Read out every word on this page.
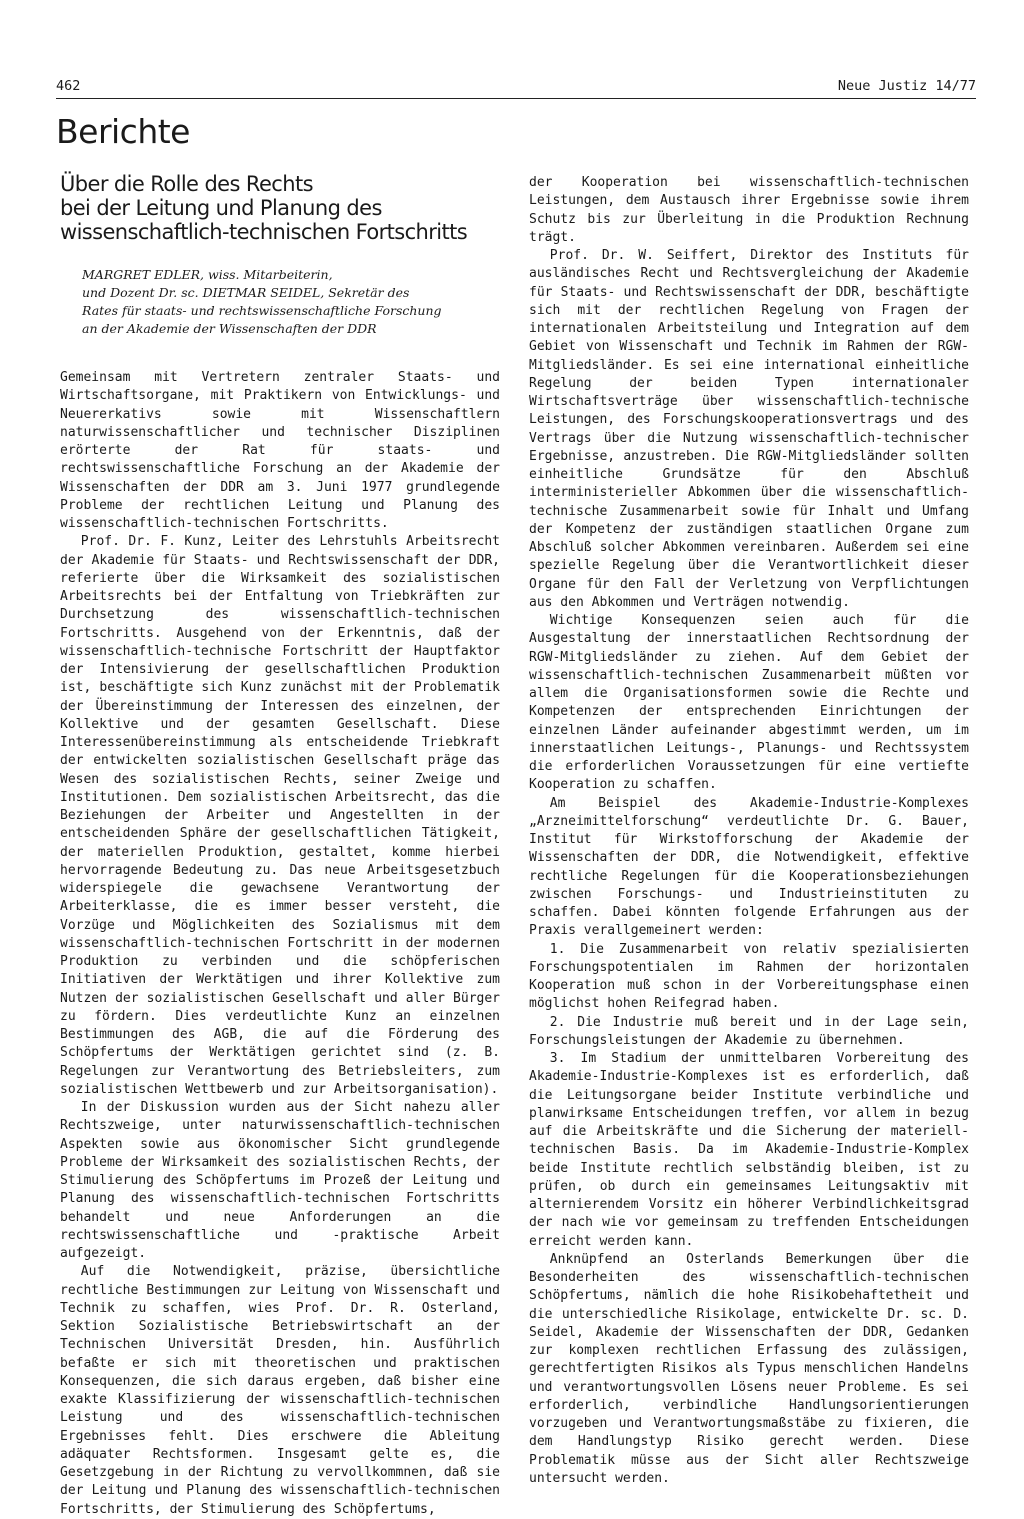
462	Neue Justiz 14/77
Berichte
Über die Rolle des Rechts
bei der Leitung und Planung des
wissenschaftlich-technischen Fortschritts
MARGRET EDLER, wiss. Mitarbeiterin,
und Dozent Dr. sc. DIETMAR SEIDEL, Sekretär des
Rates für staats- und rechtswissenschaftliche Forschung
an der Akademie der Wissenschaften der DDR

Gemeinsam mit Vertretern zentraler Staats- und Wirtschaftsorgane, mit Praktikern von Entwicklungs- und Neuererkativs sowie mit Wissenschaftlern naturwissenschaftlicher und technischer Disziplinen erörterte der Rat für staats- und rechtswissenschaftliche Forschung an der Akademie der Wissenschaften der DDR am 3. Juni 1977 grundlegende Probleme der rechtlichen Leitung und Planung des wissenschaftlich-technischen Fortschritts.

Prof. Dr. F. Kunz, Leiter des Lehrstuhls Arbeitsrecht der Akademie für Staats- und Rechtswissenschaft der DDR, referierte über die Wirksamkeit des sozialistischen Arbeitsrechts bei der Entfaltung von Triebkräften zur Durchsetzung des wissenschaftlich-technischen Fortschritts. Ausgehend von der Erkenntnis, daß der wissenschaftlich-technische Fortschritt der Hauptfaktor der Intensivierung der gesellschaftlichen Produktion ist, beschäftigte sich Kunz zunächst mit der Problematik der Übereinstimmung der Interessen des einzelnen, der Kollektive und der gesamten Gesellschaft. Diese Interessenübereinstimmung als entscheidende Triebkraft der entwickelten sozialistischen Gesellschaft präge das Wesen des sozialistischen Rechts, seiner Zweige und Institutionen. Dem sozialistischen Arbeitsrecht, das die Beziehungen der Arbeiter und Angestellten in der entscheidenden Sphäre der gesellschaftlichen Tätigkeit, der materiellen Produktion, gestaltet, komme hierbei hervorragende Bedeutung zu. Das neue Arbeitsgesetzbuch widerspiegele die gewachsene Verantwortung der Arbeiterklasse, die es immer besser versteht, die Vorzüge und Möglichkeiten des Sozialismus mit dem wissenschaftlich-technischen Fortschritt in der modernen Produktion zu verbinden und die schöpferischen Initiativen der Werktätigen und ihrer Kollektive zum Nutzen der sozialistischen Gesellschaft und aller Bürger zu fördern. Dies verdeutlichte Kunz an einzelnen Bestimmungen des AGB, die auf die Förderung des Schöpfertums der Werktätigen gerichtet sind (z. B. Regelungen zur Verantwortung des Betriebsleiters, zum sozialistischen Wettbewerb und zur Arbeitsorganisation).

In der Diskussion wurden aus der Sicht nahezu aller Rechtszweige, unter naturwissenschaftlich-technischen Aspekten sowie aus ökonomischer Sicht grundlegende Probleme der Wirksamkeit des sozialistischen Rechts, der Stimulierung des Schöpfertums im Prozeß der Leitung und Planung des wissenschaftlich-technischen Fortschritts behandelt und neue Anforderungen an die rechtswissenschaftliche und -praktische Arbeit aufgezeigt.

Auf die Notwendigkeit, präzise, übersichtliche rechtliche Bestimmungen zur Leitung von Wissenschaft und Technik zu schaffen, wies Prof. Dr. R. Osterland, Sektion Sozialistische Betriebswirtschaft an der Technischen Universität Dresden, hin. Ausführlich befaßte er sich mit theoretischen und praktischen Konsequenzen, die sich daraus ergeben, daß bisher eine exakte Klassifizierung der wissenschaftlich-technischen Leistung und des wissenschaftlich-technischen Ergebnisses fehlt. Dies erschwere die Ableitung adäquater Rechtsformen. Insgesamt gelte es, die Gesetzgebung in der Richtung zu vervollkommnen, daß sie der Leitung und Planung des wissenschaftlich-technischen Fortschritts, der Stimulierung des Schöpfertums,

der Kooperation bei wissenschaftlich-technischen Leistungen, dem Austausch ihrer Ergebnisse sowie ihrem Schutz bis zur Überleitung in die Produktion Rechnung trägt.

Prof. Dr. W. Seiffert, Direktor des Instituts für ausländisches Recht und Rechtsvergleichung der Akademie für Staats- und Rechtswissenschaft der DDR, beschäftigte sich mit der rechtlichen Regelung von Fragen der internationalen Arbeitsteilung und Integration auf dem Gebiet von Wissenschaft und Technik im Rahmen der RGW-Mitgliedsländer. Es sei eine international einheitliche Regelung der beiden Typen internationaler Wirtschaftsverträge über wissenschaftlich-technische Leistungen, des Forschungskooperationsvertrags und des Vertrags über die Nutzung wissenschaftlich-technischer Ergebnisse, anzustreben. Die RGW-Mitgliedsländer sollten einheitliche Grundsätze für den Abschluß interministerieller Abkommen über die wissenschaftlich-technische Zusammenarbeit sowie für Inhalt und Umfang der Kompetenz der zuständigen staatlichen Organe zum Abschluß solcher Abkommen vereinbaren. Außerdem sei eine spezielle Regelung über die Verantwortlichkeit dieser Organe für den Fall der Verletzung von Verpflichtungen aus den Abkommen und Verträgen notwendig.

Wichtige Konsequenzen seien auch für die Ausgestaltung der innerstaatlichen Rechtsordnung der RGW-Mitgliedsländer zu ziehen. Auf dem Gebiet der wissenschaftlich-technischen Zusammenarbeit müßten vor allem die Organisationsformen sowie die Rechte und Kompetenzen der entsprechenden Einrichtungen der einzelnen Länder aufeinander abgestimmt werden, um im innerstaatlichen Leitungs-, Planungs- und Rechtssystem die erforderlichen Voraussetzungen für eine vertiefte Kooperation zu schaffen.

Am Beispiel des Akademie-Industrie-Komplexes „Arzneimittelforschung“ verdeutlichte Dr. G. Bauer, Institut für Wirkstofforschung der Akademie der Wissenschaften der DDR, die Notwendigkeit, effektive rechtliche Regelungen für die Kooperationsbeziehungen zwischen Forschungs- und Industrieinstituten zu schaffen. Dabei könnten folgende Erfahrungen aus der Praxis verallgemeinert werden:

1. Die Zusammenarbeit von relativ spezialisierten Forschungspotentialen im Rahmen der horizontalen Kooperation muß schon in der Vorbereitungsphase einen möglichst hohen Reifegrad haben.

2. Die Industrie muß bereit und in der Lage sein, Forschungsleistungen der Akademie zu übernehmen.

3. Im Stadium der unmittelbaren Vorbereitung des Akademie-Industrie-Komplexes ist es erforderlich, daß die Leitungsorgane beider Institute verbindliche und planwirksame Entscheidungen treffen, vor allem in bezug auf die Arbeitskräfte und die Sicherung der materiell-technischen Basis. Da im Akademie-Industrie-Komplex beide Institute rechtlich selbständig bleiben, ist zu prüfen, ob durch ein gemeinsames Leitungsaktiv mit alternierendem Vorsitz ein höherer Verbindlichkeitsgrad der nach wie vor gemeinsam zu treffenden Entscheidungen erreicht werden kann.

Anknüpfend an Osterlands Bemerkungen über die Besonderheiten des wissenschaftlich-technischen Schöpfertums, nämlich die hohe Risikobehaftetheit und die unterschiedliche Risikolage, entwickelte Dr. sc. D. Seidel, Akademie der Wissenschaften der DDR, Gedanken zur komplexen rechtlichen Erfassung des zulässigen, gerechtfertigten Risikos als Typus menschlichen Handelns und verantwortungsvollen Lösens neuer Probleme. Es sei erforderlich, verbindliche Handlungsorientierungen vorzugeben und Verantwortungsmaßstäbe zu fixieren, die dem Handlungstyp Risiko gerecht werden. Diese Problematik müsse aus der Sicht aller Rechtszweige untersucht werden.
